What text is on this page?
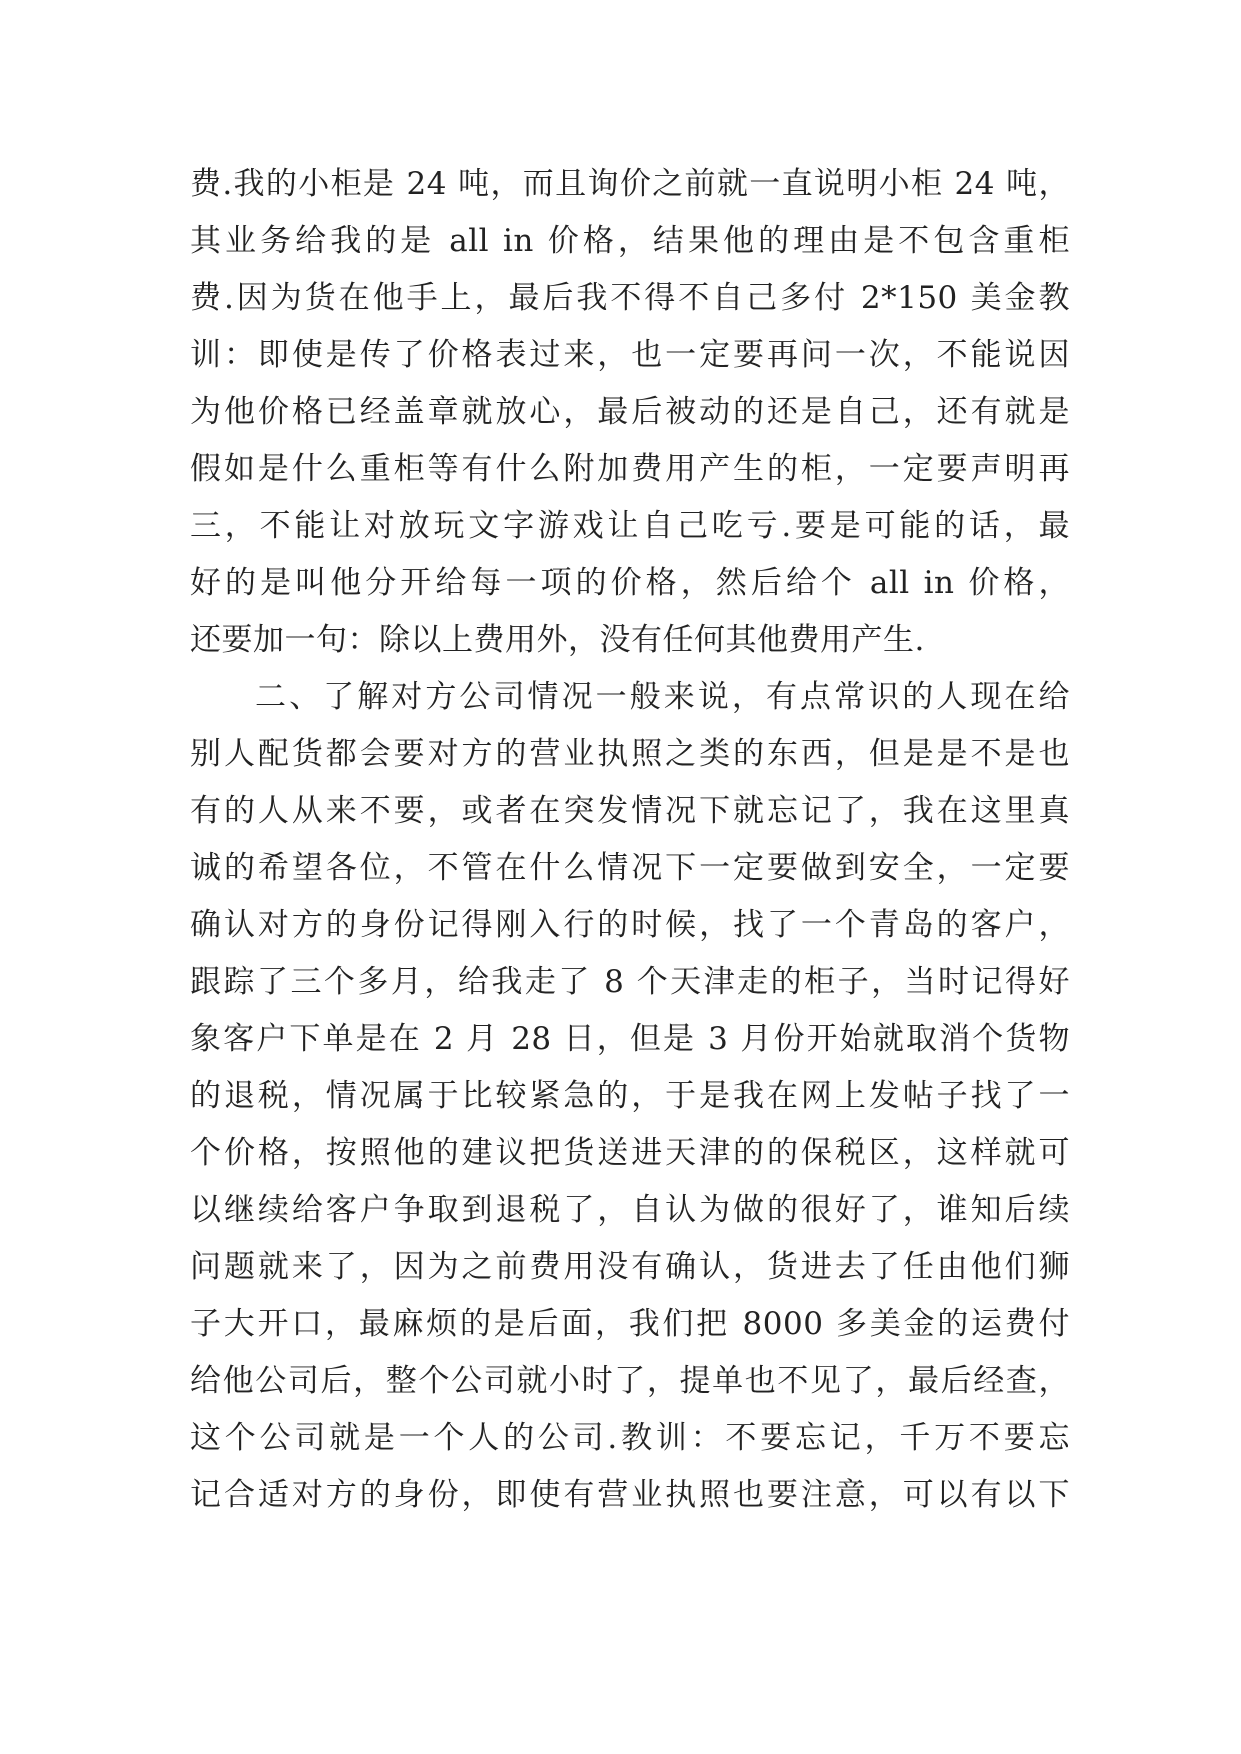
费.我的小柜是 24 吨，而且询价之前就一直说明小柜 24 吨，
其业务给我的是 all in 价格，结果他的理由是不包含重柜
费.因为货在他手上，最后我不得不自己多付 2*150 美金教
训：即使是传了价格表过来，也一定要再问一次，不能说因
为他价格已经盖章就放心，最后被动的还是自己，还有就是
假如是什么重柜等有什么附加费用产生的柜，一定要声明再
三，不能让对放玩文字游戏让自己吃亏.要是可能的话，最
好的是叫他分开给每一项的价格，然后给个 all in 价格，
还要加一句：除以上费用外，没有任何其他费用产生.
二、了解对方公司情况一般来说，有点常识的人现在给
别人配货都会要对方的营业执照之类的东西，但是是不是也
有的人从来不要，或者在突发情况下就忘记了，我在这里真
诚的希望各位，不管在什么情况下一定要做到安全，一定要
确认对方的身份记得刚入行的时候，找了一个青岛的客户，
跟踪了三个多月，给我走了 8 个天津走的柜子，当时记得好
象客户下单是在 2 月 28 日，但是 3 月份开始就取消个货物
的退税，情况属于比较紧急的，于是我在网上发帖子找了一
个价格，按照他的建议把货送进天津的的保税区，这样就可
以继续给客户争取到退税了，自认为做的很好了，谁知后续
问题就来了，因为之前费用没有确认，货进去了任由他们狮
子大开口，最麻烦的是后面，我们把 8000 多美金的运费付
给他公司后，整个公司就小时了，提单也不见了，最后经查，
这个公司就是一个人的公司.教训：不要忘记，千万不要忘
记合适对方的身份，即使有营业执照也要注意，可以有以下
